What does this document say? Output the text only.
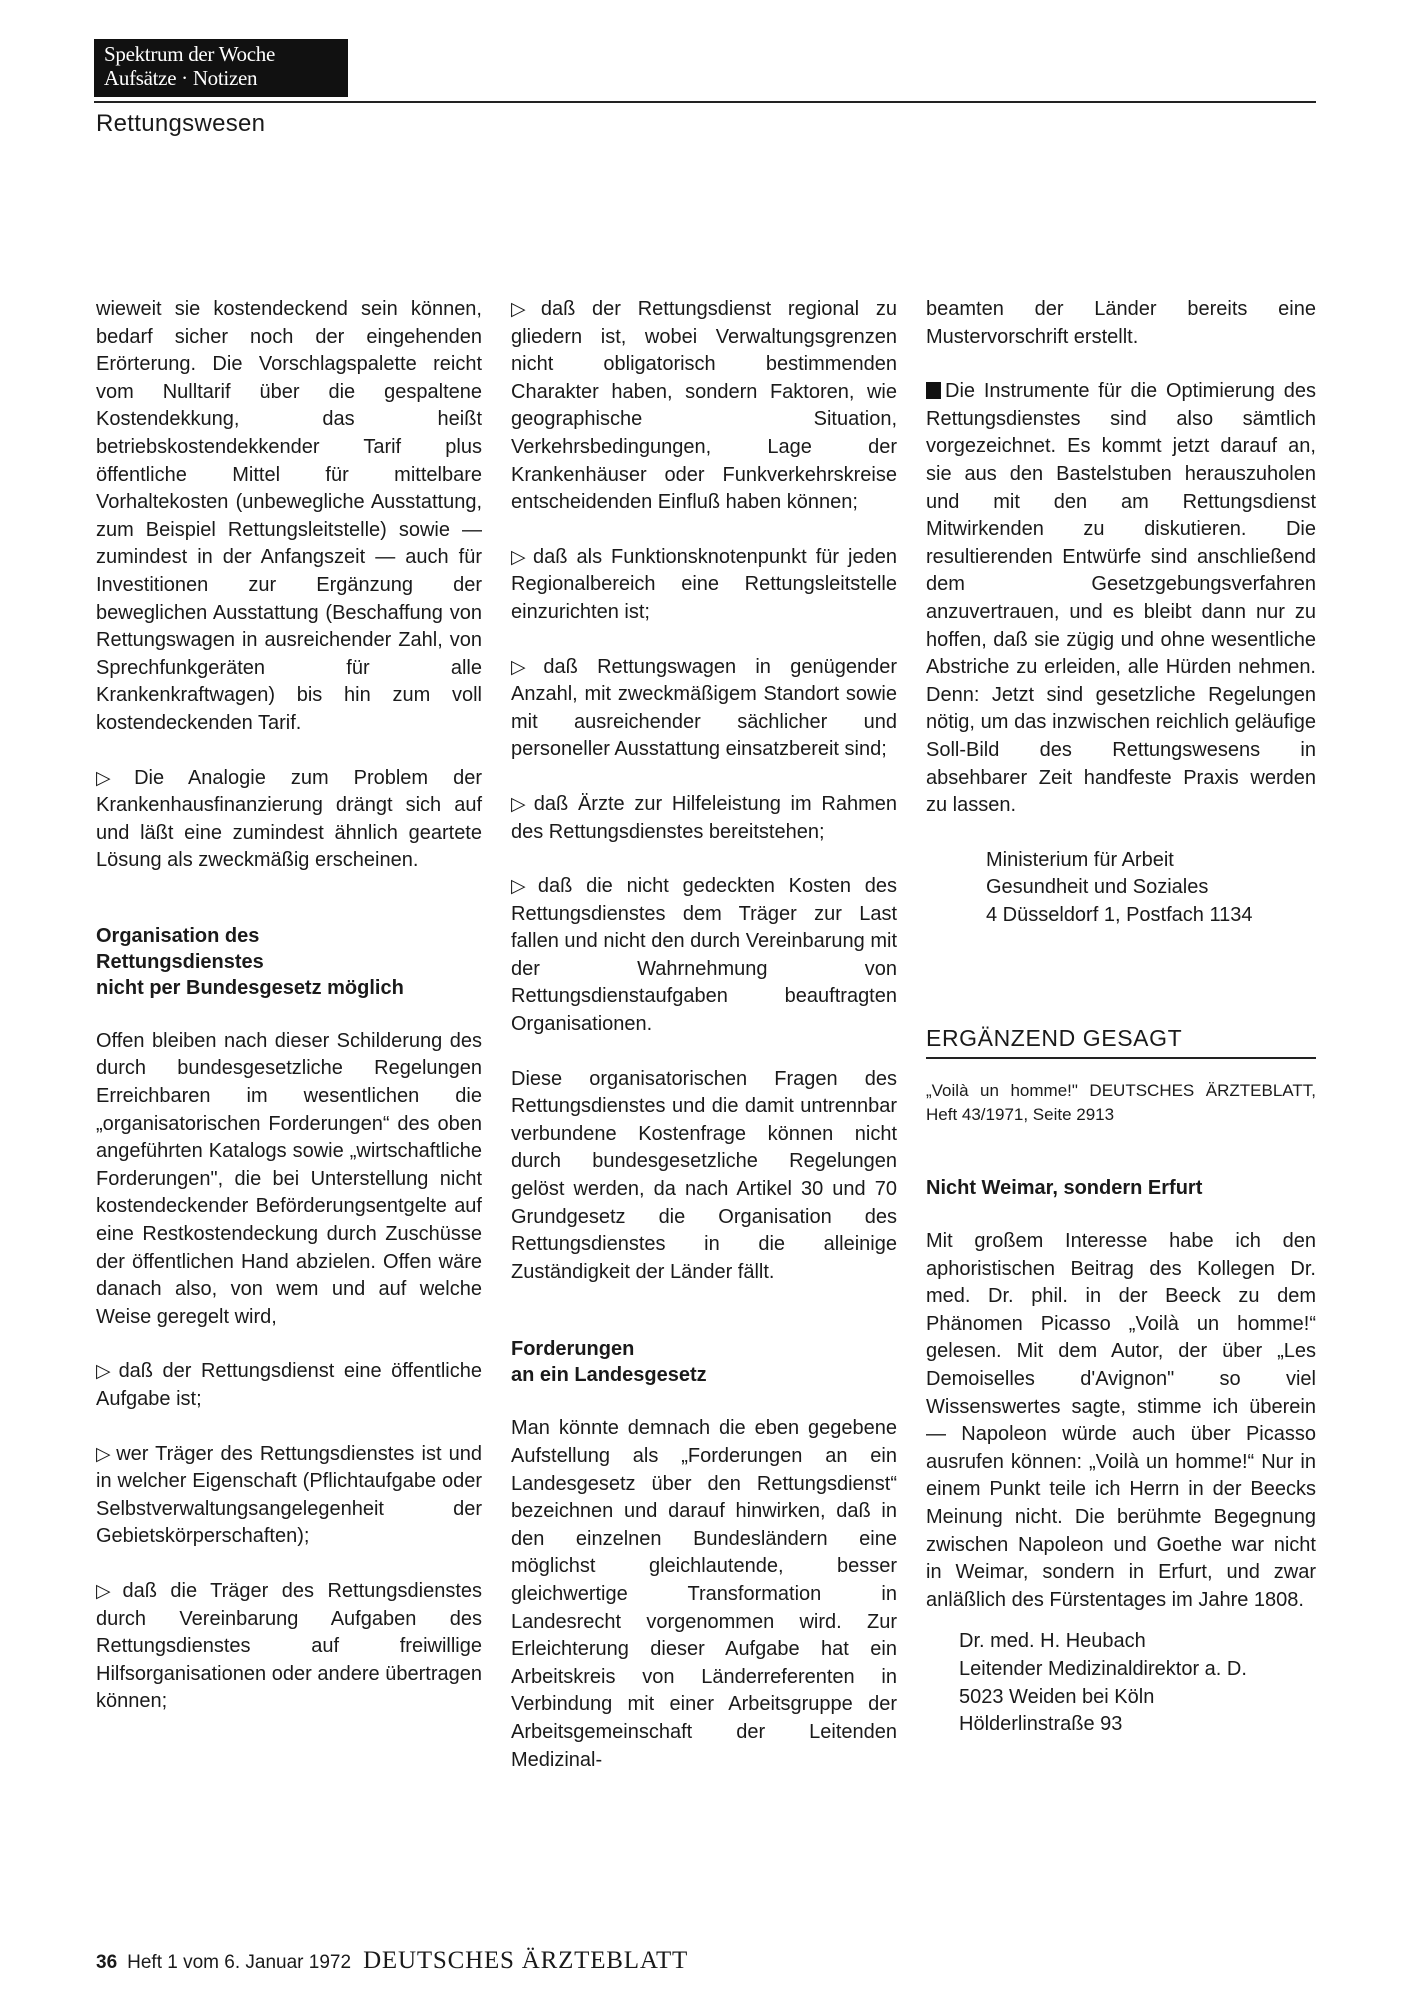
Spektrum der Woche
Aufsätze · Notizen
Rettungswesen

wieweit sie kostendeckend sein können, bedarf sicher noch der eingehenden Erörterung. Die Vorschlagspalette reicht vom Nulltarif über die gespaltene Kostendekkung, das heißt betriebskostendekkender Tarif plus öffentliche Mittel für mittelbare Vorhaltekosten (unbewegliche Ausstattung, zum Beispiel Rettungsleitstelle) sowie — zumindest in der Anfangszeit — auch für Investitionen zur Ergänzung der beweglichen Ausstattung (Beschaffung von Rettungswagen in ausreichender Zahl, von Sprechfunkgeräten für alle Krankenkraftwagen) bis hin zum voll kostendeckenden Tarif.

▷ Die Analogie zum Problem der Krankenhausfinanzierung drängt sich auf und läßt eine zumindest ähnlich geartete Lösung als zweckmäßig erscheinen.

Organisation des
Rettungsdienstes
nicht per Bundesgesetz möglich

Offen bleiben nach dieser Schilderung des durch bundesgesetzliche Regelungen Erreichbaren im wesentlichen die „organisatorischen Forderungen“ des oben angeführten Katalogs sowie „wirtschaftliche Forderungen", die bei Unterstellung nicht kostendeckender Beförderungsentgelte auf eine Restkostendeckung durch Zuschüsse der öffentlichen Hand abzielen. Offen wäre danach also, von wem und auf welche Weise geregelt wird,

▷ daß der Rettungsdienst eine öffentliche Aufgabe ist;

▷ wer Träger des Rettungsdienstes ist und in welcher Eigenschaft (Pflichtaufgabe oder Selbstverwaltungsangelegenheit der Gebietskörperschaften);

▷ daß die Träger des Rettungsdienstes durch Vereinbarung Aufgaben des Rettungsdienstes auf freiwillige Hilfsorganisationen oder andere übertragen können;

▷ daß der Rettungsdienst regional zu gliedern ist, wobei Verwaltungsgrenzen nicht obligatorisch bestimmenden Charakter haben, sondern Faktoren, wie geographische Situation, Verkehrsbedingungen, Lage der Krankenhäuser oder Funkverkehrskreise entscheidenden Einfluß haben können;

▷ daß als Funktionsknotenpunkt für jeden Regionalbereich eine Rettungsleitstelle einzurichten ist;

▷ daß Rettungswagen in genügender Anzahl, mit zweckmäßigem Standort sowie mit ausreichender sächlicher und personeller Ausstattung einsatzbereit sind;

▷ daß Ärzte zur Hilfeleistung im Rahmen des Rettungsdienstes bereitstehen;

▷ daß die nicht gedeckten Kosten des Rettungsdienstes dem Träger zur Last fallen und nicht den durch Vereinbarung mit der Wahrnehmung von Rettungsdienstaufgaben beauftragten Organisationen.

Diese organisatorischen Fragen des Rettungsdienstes und die damit untrennbar verbundene Kostenfrage können nicht durch bundesgesetzliche Regelungen gelöst werden, da nach Artikel 30 und 70 Grundgesetz die Organisation des Rettungsdienstes in die alleinige Zuständigkeit der Länder fällt.

Forderungen
an ein Landesgesetz

Man könnte demnach die eben gegebene Aufstellung als „Forderungen an ein Landesgesetz über den Rettungsdienst“ bezeichnen und darauf hinwirken, daß in den einzelnen Bundesländern eine möglichst gleichlautende, besser gleichwertige Transformation in Landesrecht vorgenommen wird. Zur Erleichterung dieser Aufgabe hat ein Arbeitskreis von Länderreferenten in Verbindung mit einer Arbeitsgruppe der Arbeitsgemeinschaft der Leitenden Medizinal-

beamten der Länder bereits eine Mustervorschrift erstellt.

Die Instrumente für die Optimierung des Rettungsdienstes sind also sämtlich vorgezeichnet. Es kommt jetzt darauf an, sie aus den Bastelstuben herauszuholen und mit den am Rettungsdienst Mitwirkenden zu diskutieren. Die resultierenden Entwürfe sind anschließend dem Gesetzgebungsverfahren anzuvertrauen, und es bleibt dann nur zu hoffen, daß sie zügig und ohne wesentliche Abstriche zu erleiden, alle Hürden nehmen. Denn: Jetzt sind gesetzliche Regelungen nötig, um das inzwischen reichlich geläufige Soll-Bild des Rettungswesens in absehbarer Zeit handfeste Praxis werden zu lassen.

Ministerium für Arbeit
Gesundheit und Soziales
4 Düsseldorf 1, Postfach 1134
ERGÄNZEND GESAGT

„Voilà un homme!" DEUTSCHES ÄRZTEBLATT, Heft 43/1971, Seite 2913

Nicht Weimar, sondern Erfurt

Mit großem Interesse habe ich den aphoristischen Beitrag des Kollegen Dr. med. Dr. phil. in der Beeck zu dem Phänomen Picasso „Voilà un homme!“ gelesen. Mit dem Autor, der über „Les Demoiselles d'Avignon" so viel Wissenswertes sagte, stimme ich überein — Napoleon würde auch über Picasso ausrufen können: „Voilà un homme!“ Nur in einem Punkt teile ich Herrn in der Beecks Meinung nicht. Die berühmte Begegnung zwischen Napoleon und Goethe war nicht in Weimar, sondern in Erfurt, und zwar anläßlich des Fürstentages im Jahre 1808.

Dr. med. H. Heubach
Leitender Medizinaldirektor a. D.
5023 Weiden bei Köln
Hölderlinstraße 93
36 Heft 1 vom 6. Januar 1972 DEUTSCHES ÄRZTEBLATT
